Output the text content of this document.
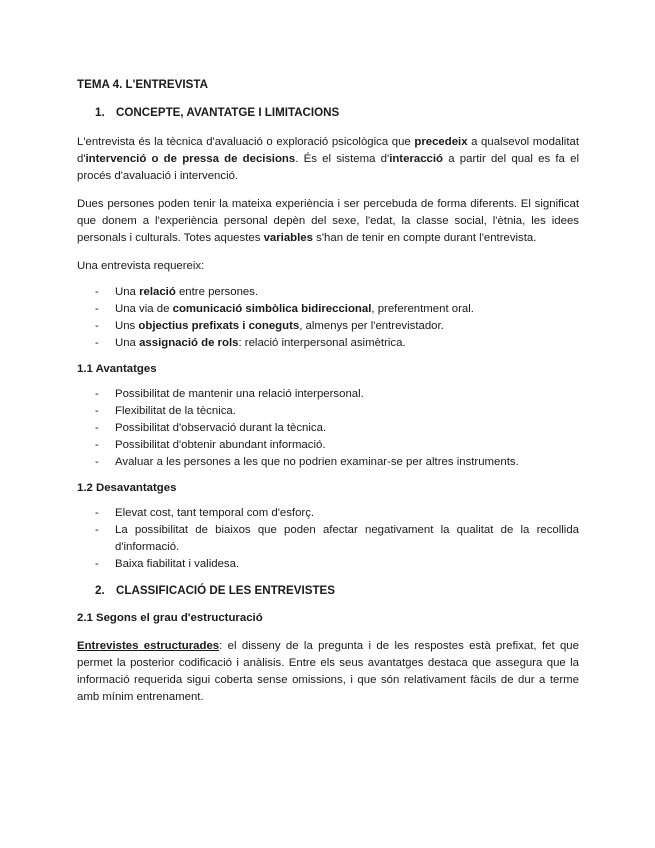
TEMA 4. L'ENTREVISTA
1. CONCEPTE, AVANTATGE I LIMITACIONS

L'entrevista és la tècnica d'avaluació o exploració psicològica que precedeix a qualsevol modalitat d'intervenció o de pressa de decisions. És el sistema d'interacció a partir del qual es fa el procés d'avaluació i intervenció.

Dues persones poden tenir la mateixa experiència i ser percebuda de forma diferents. El significat que donem a l'experiència personal depèn del sexe, l'edat, la classe social, l'ètnia, les idees personals i culturals. Totes aquestes variables s'han de tenir en compte durant l'entrevista.

Una entrevista requereix:

- Una relació entre persones.
- Una via de comunicació simbòlica bidireccional, preferentment oral.
- Uns objectius prefixats i coneguts, almenys per l'entrevistador.
- Una assignació de rols: relació interpersonal asimètrica.
1.1 Avantatges
- Possibilitat de mantenir una relació interpersonal.
- Flexibilitat de la tècnica.
- Possibilitat d'observació durant la tècnica.
- Possibilitat d'obtenir abundant informació.
- Avaluar a les persones a les que no podrien examinar-se per altres instruments.
1.2 Desavantatges
- Elevat cost, tant temporal com d'esforç.
- La possibilitat de biaixos que poden afectar negativament la qualitat de la recollida d'informació.
- Baixa fiabilitat i validesa.
2. CLASSIFICACIÓ DE LES ENTREVISTES
2.1 Segons el grau d'estructuració

Entrevistes estructurades: el disseny de la pregunta i de les respostes està prefixat, fet que permet la posterior codificació i anàlisis. Entre els seus avantatges destaca que assegura que la informació requerida sigui coberta sense omissions, i que són relativament fàcils de dur a terme amb mínim entrenament.
